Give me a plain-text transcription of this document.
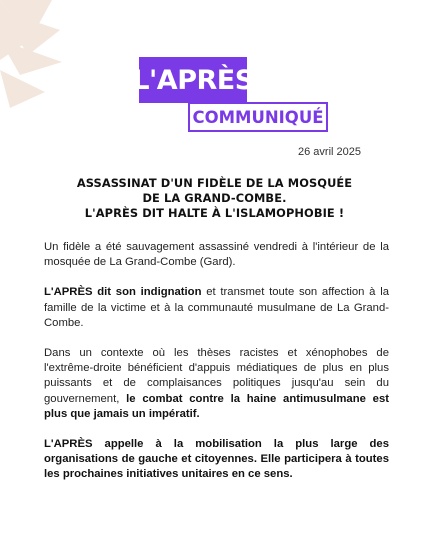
L'APRÈS
COMMUNIQUÉ
26 avril 2025
ASSASSINAT D'UN FIDÈLE DE LA MOSQUÉE
DE LA GRAND-COMBE.
L'APRÈS DIT HALTE À L'ISLAMOPHOBIE !

Un fidèle a été sauvagement assassiné vendredi à l'intérieur de la mosquée de La Grand-Combe (Gard).

L'APRÈS dit son indignation et transmet toute son affection à la famille de la victime et à la communauté musulmane de La Grand-Combe.

Dans un contexte où les thèses racistes et xénophobes de l'extrême-droite bénéficient d'appuis médiatiques de plus en plus puissants et de complaisances politiques jusqu'au sein du gouvernement, le combat contre la haine antimusulmane est plus que jamais un impératif.

L'APRÈS appelle à la mobilisation la plus large des organisations de gauche et citoyennes. Elle participera à toutes les prochaines initiatives unitaires en ce sens.
